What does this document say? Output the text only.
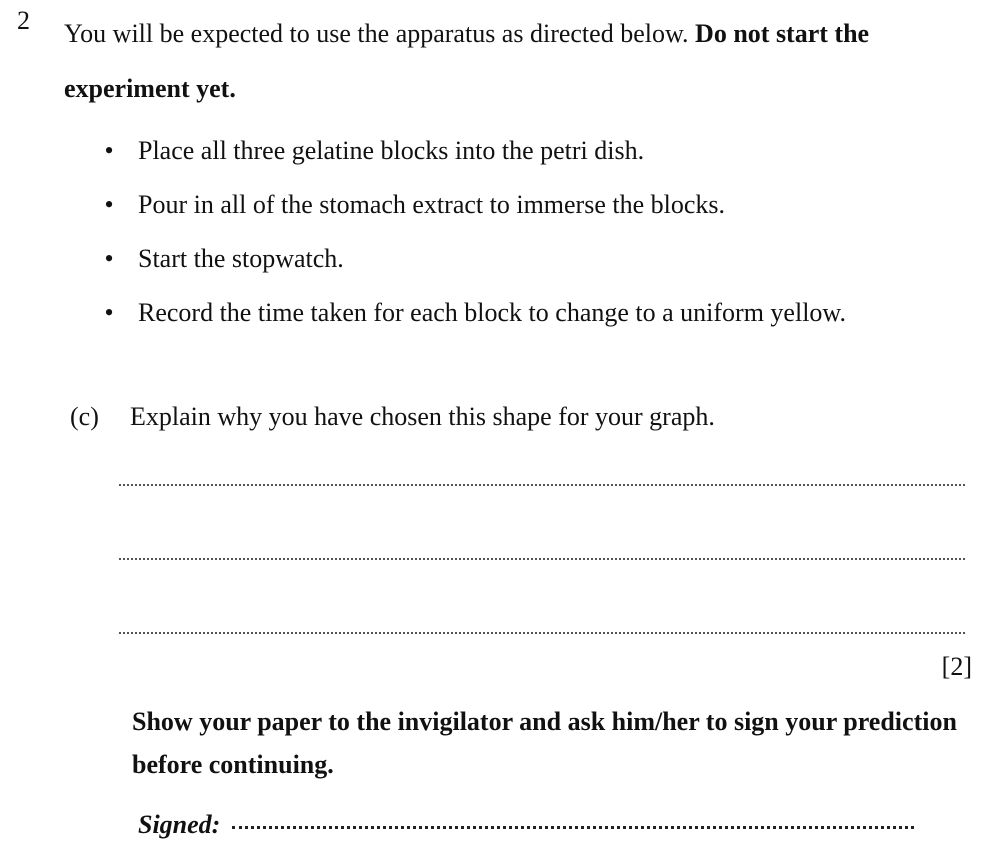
2 You will be expected to use the apparatus as directed below. Do not start the experiment yet.
• Place all three gelatine blocks into the petri dish.
• Pour in all of the stomach extract to immerse the blocks.
• Start the stopwatch.
• Record the time taken for each block to change to a uniform yellow.
(c) Explain why you have chosen this shape for your graph.
[2]
Show your paper to the invigilator and ask him/her to sign your prediction before continuing.
Signed:
